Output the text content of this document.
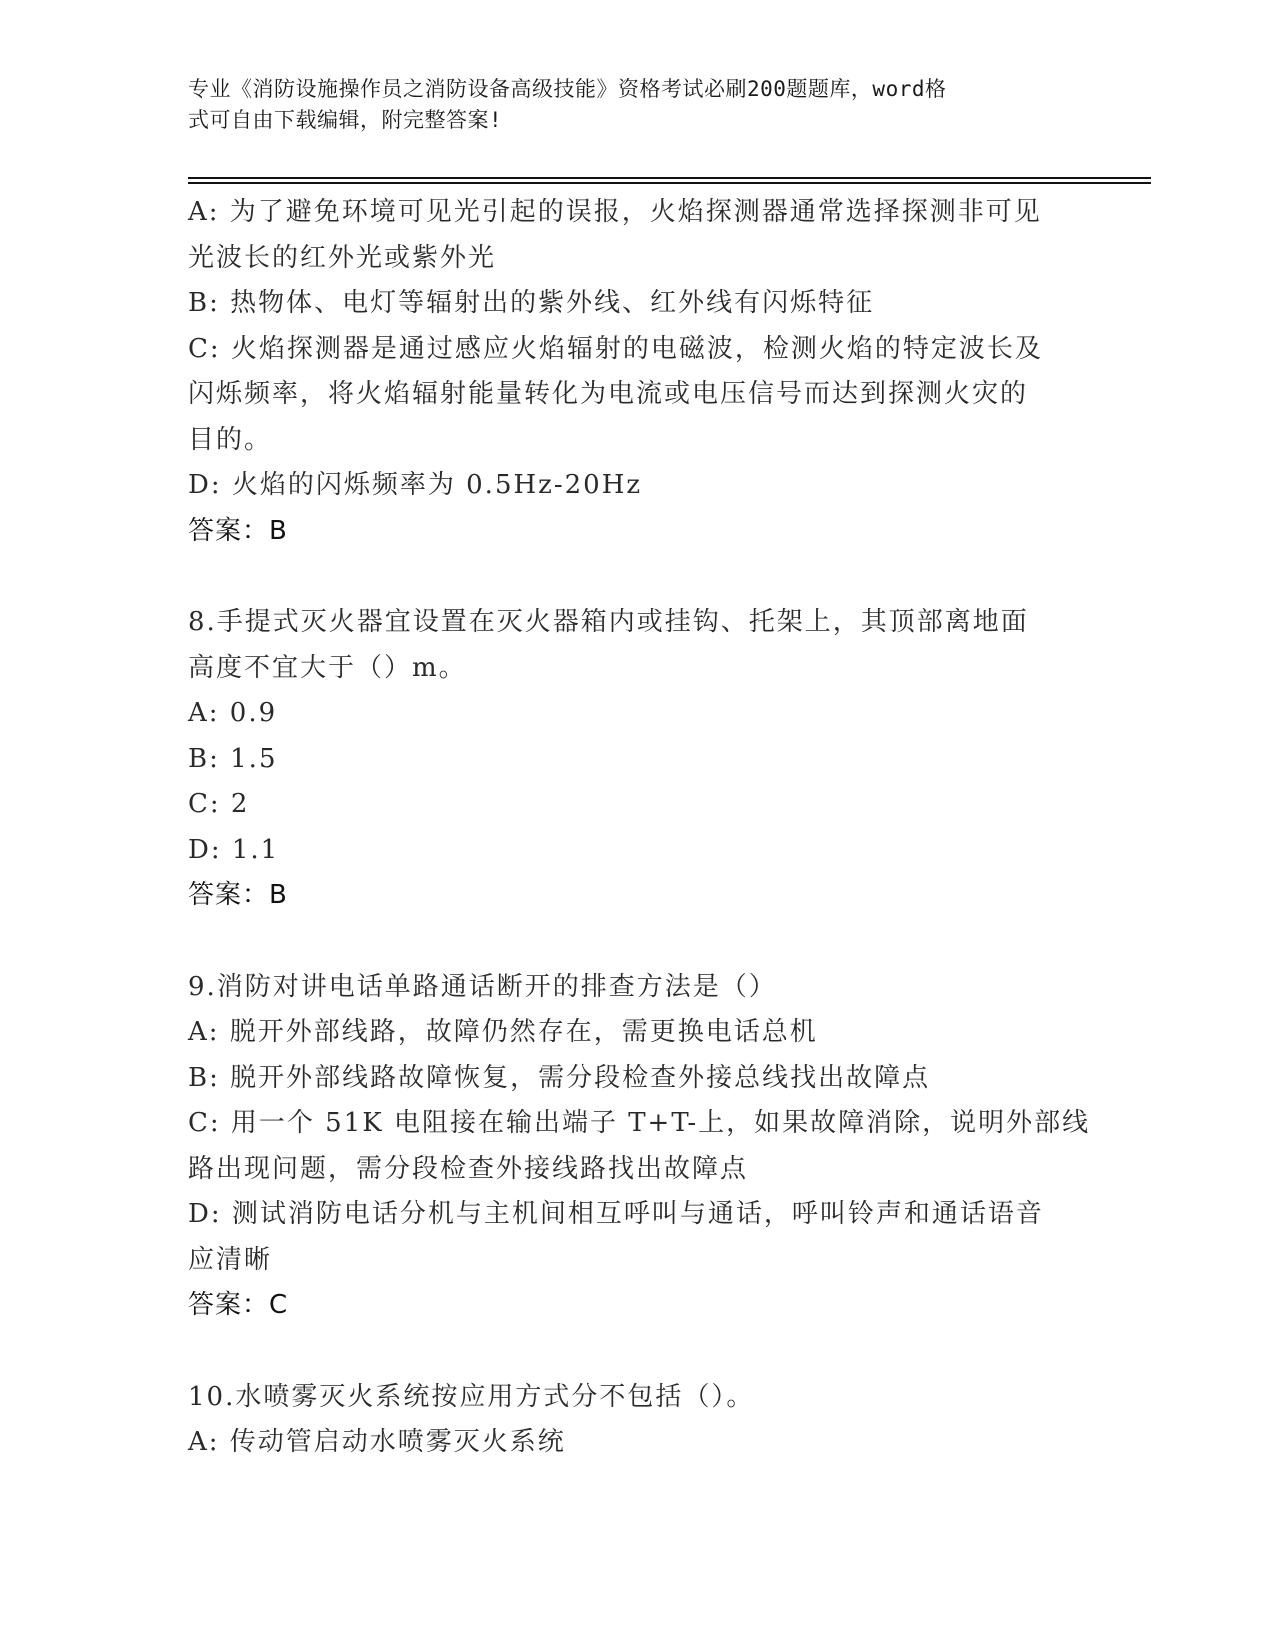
专业《消防设施操作员之消防设备高级技能》资格考试必刷200题题库，word格
式可自由下载编辑，附完整答案!
A: 为了避免环境可见光引起的误报，火焰探测器通常选择探测非可见
光波长的红外光或紫外光
B: 热物体、电灯等辐射出的紫外线、红外线有闪烁特征
C: 火焰探测器是通过感应火焰辐射的电磁波，检测火焰的特定波长及
闪烁频率，将火焰辐射能量转化为电流或电压信号而达到探测火灾的
目的。
D: 火焰的闪烁频率为 0.5Hz-20Hz
答案：B
8.手提式灭火器宜设置在灭火器箱内或挂钩、托架上，其顶部离地面
高度不宜大于（）m。
A: 0.9
B: 1.5
C: 2
D: 1.1
答案：B
9.消防对讲电话单路通话断开的排查方法是（）
A: 脱开外部线路，故障仍然存在，需更换电话总机
B: 脱开外部线路故障恢复，需分段检查外接总线找出故障点
C: 用一个 51K 电阻接在输出端子 T+T-上，如果故障消除，说明外部线
路出现问题，需分段检查外接线路找出故障点
D: 测试消防电话分机与主机间相互呼叫与通话，呼叫铃声和通话语音
应清晰
答案：C
10.水喷雾灭火系统按应用方式分不包括（）。
A: 传动管启动水喷雾灭火系统
